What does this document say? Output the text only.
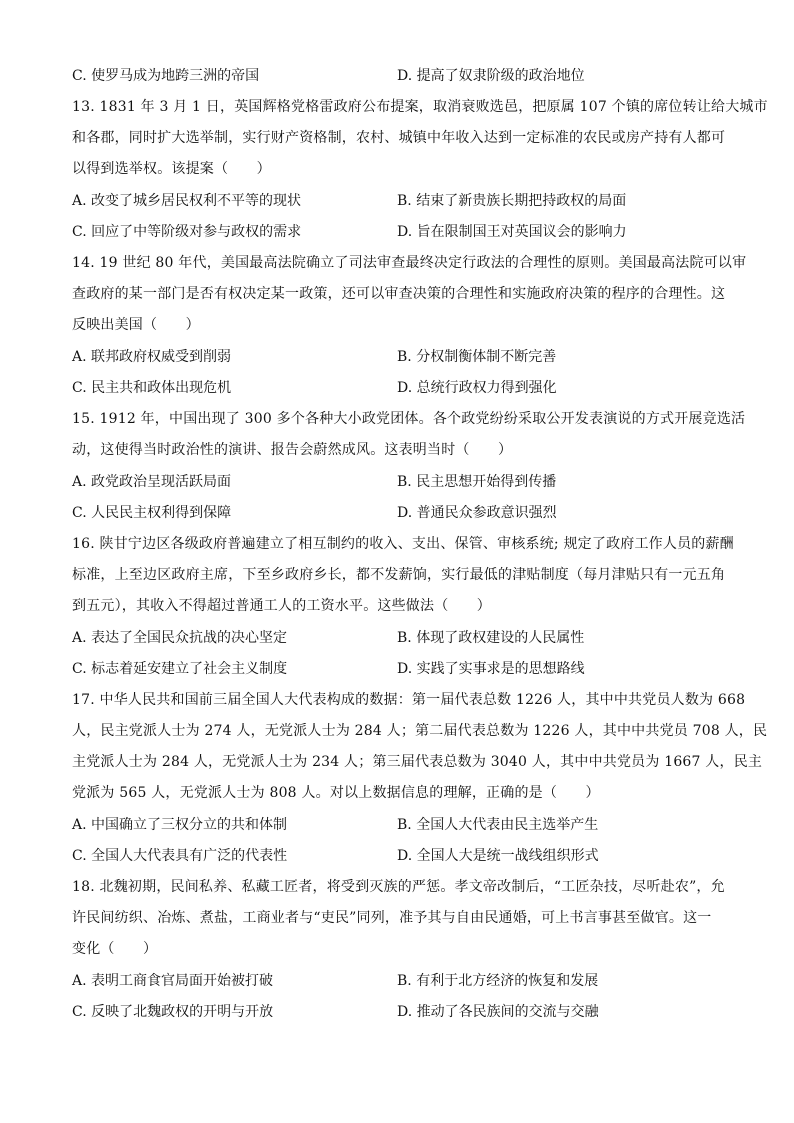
C. 使罗马成为地跨三洲的帝国	D. 提高了奴隶阶级的政治地位
13. 1831 年 3 月 1 日，英国辉格党格雷政府公布提案，取消衰败选邑，把原属 107 个镇的席位转让给大城市
和各郡，同时扩大选举制，实行财产资格制，农村、城镇中年收入达到一定标准的农民或房产持有人都可
以得到选举权。该提案（　　）
A. 改变了城乡居民权利不平等的现状	B. 结束了新贵族长期把持政权的局面
C. 回应了中等阶级对参与政权的需求	D. 旨在限制国王对英国议会的影响力
14. 19 世纪 80 年代，美国最高法院确立了司法审查最终决定行政法的合理性的原则。美国最高法院可以审
查政府的某一部门是否有权决定某一政策，还可以审查决策的合理性和实施政府决策的程序的合理性。这
反映出美国（　　）
A. 联邦政府权威受到削弱	B. 分权制衡体制不断完善
C. 民主共和政体出现危机	D. 总统行政权力得到强化
15. 1912 年，中国出现了 300 多个各种大小政党团体。各个政党纷纷采取公开发表演说的方式开展竞选活
动，这使得当时政治性的演讲、报告会蔚然成风。这表明当时（　　）
A. 政党政治呈现活跃局面	B. 民主思想开始得到传播
C. 人民民主权利得到保障	D. 普通民众参政意识强烈
16. 陕甘宁边区各级政府普遍建立了相互制约的收入、支出、保管、审核系统; 规定了政府工作人员的薪酬
标准，上至边区政府主席，下至乡政府乡长，都不发薪饷，实行最低的津贴制度（每月津贴只有一元五角
到五元），其收入不得超过普通工人的工资水平。这些做法（　　）
A. 表达了全国民众抗战的决心坚定	B. 体现了政权建设的人民属性
C. 标志着延安建立了社会主义制度	D. 实践了实事求是的思想路线
17. 中华人民共和国前三届全国人大代表构成的数据：第一届代表总数 1226 人，其中中共党员人数为 668
人，民主党派人士为 274 人，无党派人士为 284 人；第二届代表总数为 1226 人，其中中共党员 708 人，民
主党派人士为 284 人，无党派人士为 234 人；第三届代表总数为 3040 人，其中中共党员为 1667 人，民主
党派为 565 人，无党派人士为 808 人。对以上数据信息的理解，正确的是（　　）
A. 中国确立了三权分立的共和体制	B. 全国人大代表由民主选举产生
C. 全国人大代表具有广泛的代表性	D. 全国人大是统一战线组织形式
18. 北魏初期，民间私养、私藏工匠者，将受到灭族的严惩。孝文帝改制后，“工匠杂技，尽听赴农”，允
许民间纺织、冶炼、煮盐，工商业者与“吏民”同列，准予其与自由民通婚，可上书言事甚至做官。这一
变化（　　）
A. 表明工商食官局面开始被打破	B. 有利于北方经济的恢复和发展
C. 反映了北魏政权的开明与开放	D. 推动了各民族间的交流与交融
